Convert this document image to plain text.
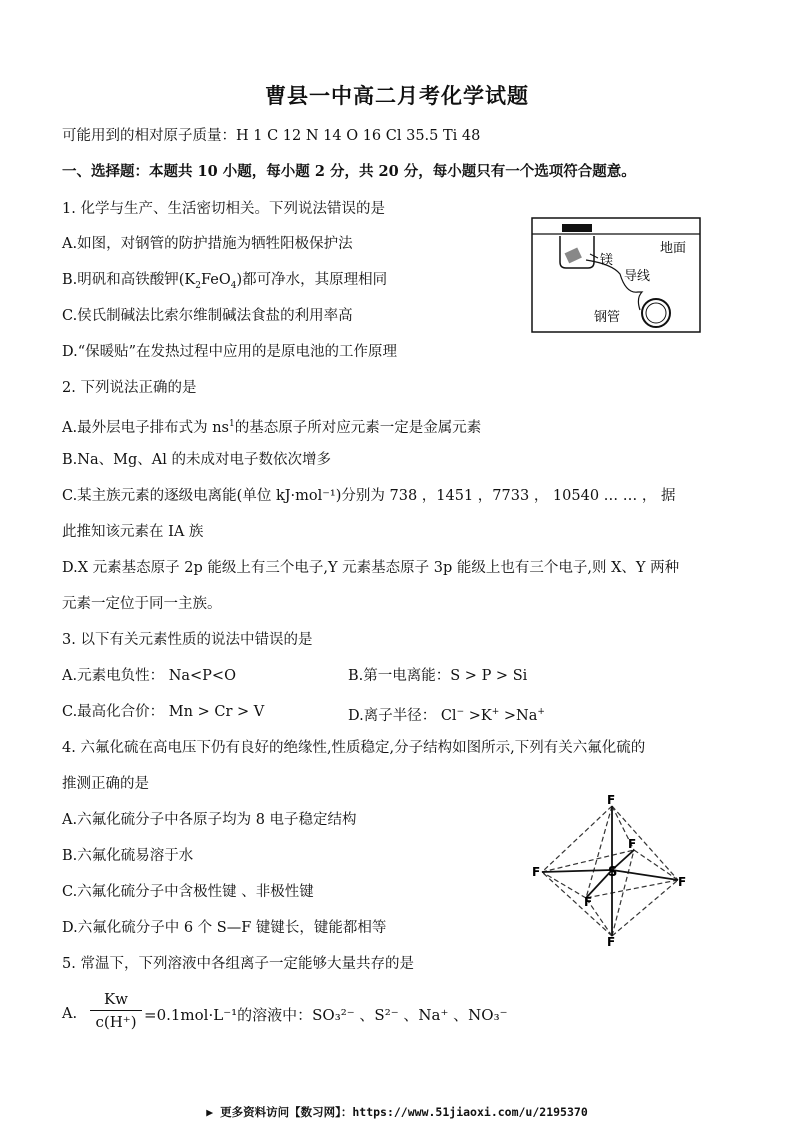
曹县一中高二月考化学试题
可能用到的相对原子质量：H 1 C 12 N 14 O 16 Cl 35.5 Ti 48
一、选择题：本题共 10 小题，每小题 2 分，共 20 分，每小题只有一个选项符合题意。
1. 化学与生产、生活密切相关。下列说法错误的是
A.如图，对钢管的防护措施为牺牲阳极保护法
B.明矾和高铁酸钾$(K_2FeO_4)$都可净水，其原理相同
C.侯氏制碱法比索尔维制碱法食盐的利用率高
D.“保暖贴”在发热过程中应用的是原电池的工作原理
镁
地面
导线
钢管
2. 下列说法正确的是
A.最外层电子排布式为 $ns^1$的基态原子所对应元素一定是金属元素
B.Na、Mg、Al 的未成对电子数依次增多
C.某主族元素的逐级电离能(单位 kJ·mol⁻¹)分别为 738 ，1451 ，7733 ， 10540 … … ， 据
此推知该元素在 IA 族
D.X 元素基态原子 2p 能级上有三个电子,Y 元素基态原子 3p 能级上也有三个电子,则 X、Y 两种
元素一定位于同一主族。
3. 以下有关元素性质的说法中错误的是
A.元素电负性： Na<P<O	B.第一电离能：S > P > Si
C.最高化合价： Mn > Cr > V	D.离子半径： Cl− >K+ >Na+
4. 六氟化硫在高电压下仍有良好的绝缘性,性质稳定,分子结构如图所示,下列有关六氟化硫的
推测正确的是
A.六氟化硫分子中各原子均为 8 电子稳定结构
B.六氟化硫易溶于水
C.六氟化硫分子中含极性键 、非极性键
D.六氟化硫分子中 6 个 S—F 键键长，键能都相等
F
F
F
F
F
F
S
5. 常温下，下列溶液中各组离子一定能够大量共存的是
A.
Kw
c(H⁺) =0.1mol·L⁻¹的溶液中：SO₃²⁻ 、S²⁻ 、Na⁺ 、NO₃⁻
▶ 更多资料访问【数习网】：https://www.51jiaoxi.com/u/2195370
